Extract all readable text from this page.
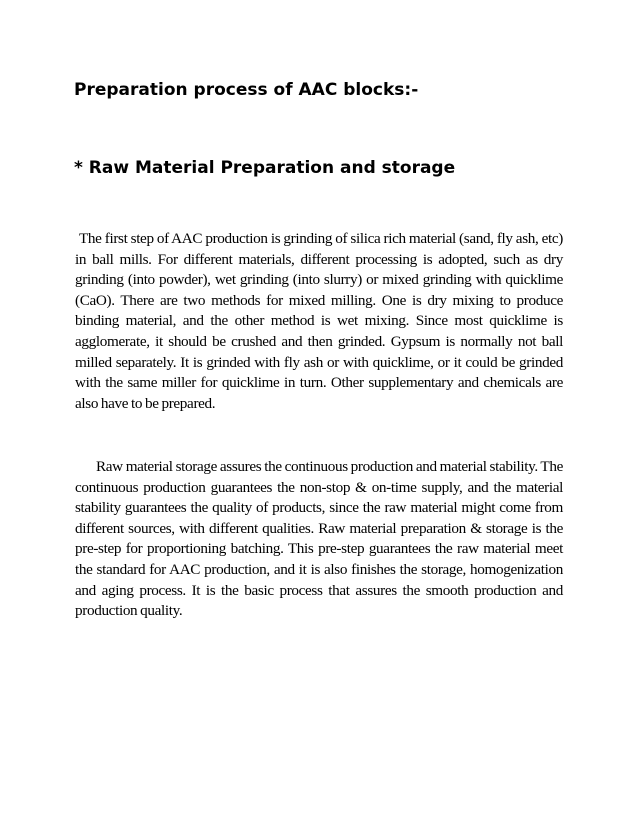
Preparation process of AAC blocks:-
* Raw Material Preparation and storage

The first step of AAC production is grinding of silica rich material (sand, fly ash, etc) in ball mills. For different materials, different processing is adopted, such as dry grinding (into powder), wet grinding (into slurry) or mixed grinding with quicklime (CaO). There are two methods for mixed milling. One is dry mixing to produce binding material, and the other method is wet mixing. Since most quicklime is agglomerate, it should be crushed and then grinded. Gypsum is normally not ball milled separately. It is grinded with fly ash or with quicklime, or it could be grinded with the same miller for quicklime in turn. Other supplementary and chemicals are also have to be prepared.

Raw material storage assures the continuous production and material stability. The continuous production guarantees the non-stop & on-time supply, and the material stability guarantees the quality of products, since the raw material might come from different sources, with different qualities. Raw material preparation & storage is the pre-step for proportioning batching. This pre-step guarantees the raw material meet the standard for AAC production, and it is also finishes the storage, homogenization and aging process. It is the basic process that assures the smooth production and production quality.
